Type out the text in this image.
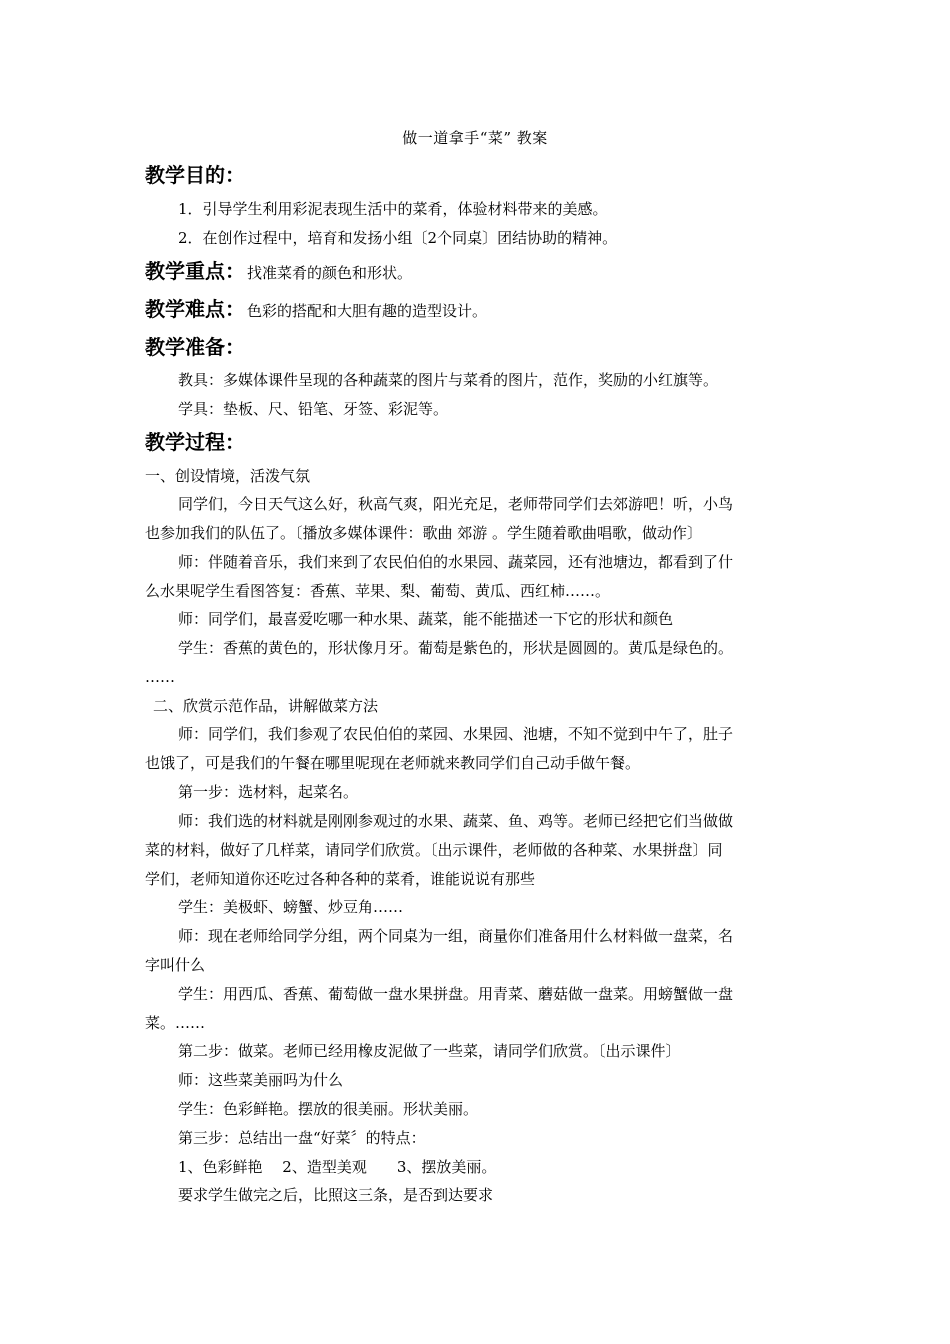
做一道拿手“菜” 教案
教学目的：
1．引导学生利用彩泥表现生活中的菜肴，体验材料带来的美感。
2．在创作过程中，培育和发扬小组〔2个同桌〕团结协助的精神。
教学重点： 找准菜肴的颜色和形状。
教学难点： 色彩的搭配和大胆有趣的造型设计。
教学准备：
教具：多媒体课件呈现的各种蔬菜的图片与菜肴的图片，范作，奖励的小红旗等。
学具：垫板、尺、铅笔、牙签、彩泥等。
教学过程：
一、创设情境，活泼气氛
同学们，今日天气这么好，秋高气爽，阳光充足，老师带同学们去郊游吧！听，小鸟
也参加我们的队伍了。〔播放多媒体课件：歌曲 郊游 。学生随着歌曲唱歌，做动作〕
师：伴随着音乐，我们来到了农民伯伯的水果园、蔬菜园，还有池塘边，都看到了什
么水果呢学生看图答复：香蕉、苹果、梨、葡萄、黄瓜、西红柿……。
师：同学们，最喜爱吃哪一种水果、蔬菜，能不能描述一下它的形状和颜色
学生：香蕉的黄色的，形状像月牙。葡萄是紫色的，形状是圆圆的。黄瓜是绿色的。
……
二、欣赏示范作品，讲解做菜方法
师：同学们，我们参观了农民伯伯的菜园、水果园、池塘，不知不觉到中午了，肚子
也饿了，可是我们的午餐在哪里呢现在老师就来教同学们自己动手做午餐。
第一步：选材料，起菜名。
师：我们选的材料就是刚刚参观过的水果、蔬菜、鱼、鸡等。老师已经把它们当做做
菜的材料，做好了几样菜，请同学们欣赏。〔出示课件，老师做的各种菜、水果拼盘〕同
学们，老师知道你还吃过各种各种的菜肴，谁能说说有那些
学生：美极虾、螃蟹、炒豆角……
师：现在老师给同学分组，两个同桌为一组，商量你们准备用什么材料做一盘菜，名
字叫什么
学生：用西瓜、香蕉、葡萄做一盘水果拼盘。用青菜、蘑菇做一盘菜。用螃蟹做一盘
菜。……
第二步：做菜。老师已经用橡皮泥做了一些菜，请同学们欣赏。〔出示课件〕
师：这些菜美丽吗为什么
学生：色彩鲜艳。摆放的很美丽。形状美丽。
第三步：总结出一盘“好菜〞的特点：
1、色彩鲜艳　 2、造型美观　　3、摆放美丽。
要求学生做完之后，比照这三条，是否到达要求
